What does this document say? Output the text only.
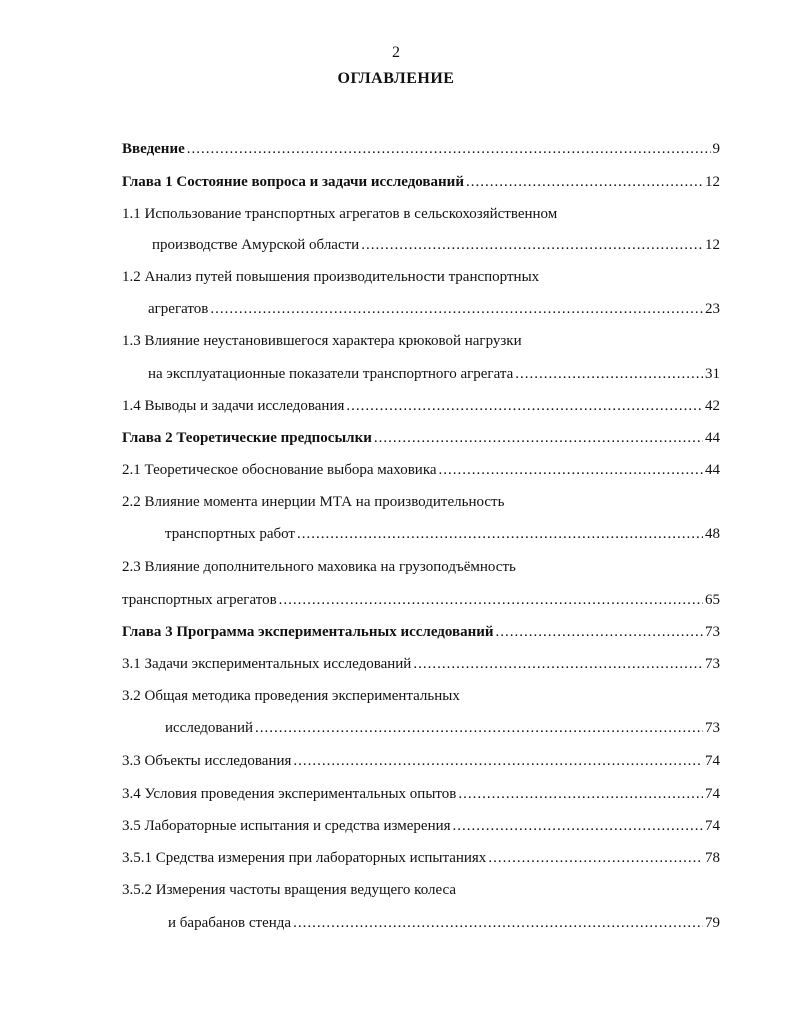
2
ОГЛАВЛЕНИЕ
Введение .....	9
Глава 1 Состояние вопроса и задачи исследований .....	12
1.1 Использование транспортных агрегатов в сельскохозяйственном
производстве Амурской области .....	12
1.2 Анализ путей повышения производительности транспортных
агрегатов .....	23
1.3 Влияние неустановившегося характера крюковой нагрузки
на эксплуатационные показатели транспортного агрегата .....	31
1.4 Выводы и задачи исследования .....	42
Глава 2 Теоретические предпосылки .....	44
2.1 Теоретическое обоснование выбора маховика .....	44
2.2 Влияние момента инерции МТА на производительность
транспортных работ .....	48
2.3 Влияние дополнительного маховика на грузоподъёмность
транспортных агрегатов .....	65
Глава 3 Программа экспериментальных исследований .....	73
3.1 Задачи экспериментальных исследований .....	73
3.2 Общая методика проведения экспериментальных
исследований .....	73
3.3 Объекты исследования .....	74
3.4 Условия проведения экспериментальных опытов .....	74
3.5 Лабораторные испытания и средства измерения .....	74
3.5.1 Средства измерения при лабораторных испытаниях .....	78
3.5.2 Измерения частоты вращения ведущего колеса
и барабанов стенда .....	79
